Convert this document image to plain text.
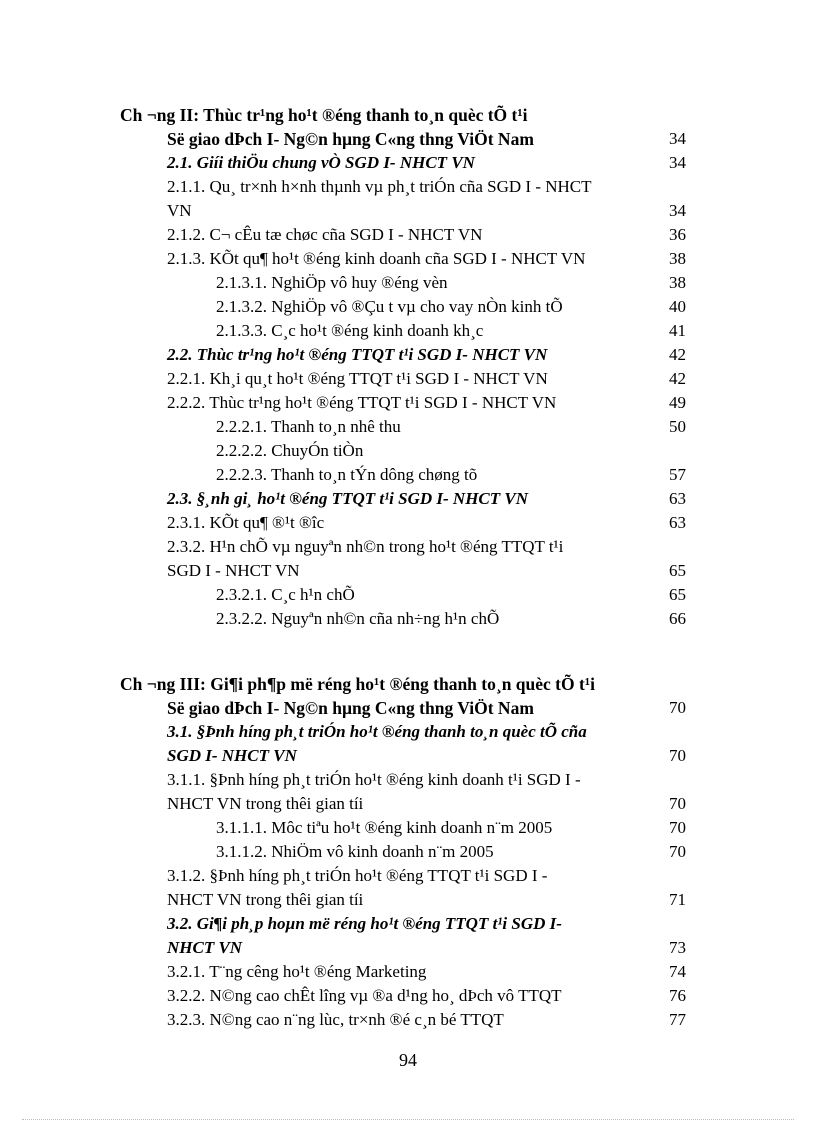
Ch ¬ng II: Thùc tr¹ng ho¹t ®éng thanh to¸n quèc tÕ t¹i
Së giao dÞch I- Ng©n hµng C«ng thng ViÖt Nam	34
2.1. Giíi thiÖu chung vÒ SGD I- NHCT VN	34
2.1.1. Qu¸ tr×nh h×nh thµnh vµ ph¸t triÓn cña SGD I - NHCT
VN	34
2.1.2. C¬ cÊu tæ chøc cña SGD I - NHCT VN	36
2.1.3. KÕt qu¶ ho¹t ®éng kinh doanh cña SGD I - NHCT VN	38
2.1.3.1. NghiÖp vô huy ®éng vèn	38
2.1.3.2. NghiÖp vô ®Çu t vµ cho vay nÒn kinh tÕ	40
2.1.3.3. C¸c ho¹t ®éng kinh doanh kh¸c	41
2.2. Thùc tr¹ng ho¹t ®éng TTQT t¹i SGD I- NHCT VN	42
2.2.1. Kh¸i qu¸t ho¹t ®éng TTQT t¹i SGD I - NHCT VN	42
2.2.2. Thùc tr¹ng ho¹t ®éng TTQT t¹i SGD I - NHCT VN	49
2.2.2.1. Thanh to¸n nhê thu	50
2.2.2.2. ChuyÓn tiÒn
2.2.2.3. Thanh to¸n tÝn dông chøng tõ	57
2.3. §¸nh gi¸ ho¹t ®éng TTQT t¹i SGD I- NHCT VN	63
2.3.1. KÕt qu¶ ®¹t ®îc	63
2.3.2. H¹n chÕ vµ nguyªn nh©n trong ho¹t ®éng TTQT t¹i
SGD I - NHCT VN	65
2.3.2.1. C¸c h¹n chÕ	65
2.3.2.2. Nguyªn nh©n cña nh÷ng h¹n chÕ	66
Ch ¬ng III: Gi¶i ph¶p më réng ho¹t ®éng thanh to¸n quèc tÕ t¹i
Së giao dÞch I- Ng©n hµng C«ng thng ViÖt Nam	70
3.1. §Þnh híng ph¸t triÓn ho¹t ®éng thanh to¸n quèc tÕ cña
SGD I- NHCT VN	70
3.1.1. §Þnh híng ph¸t triÓn ho¹t ®éng kinh doanh t¹i SGD I -
NHCT VN trong thêi gian tíi	70
3.1.1.1. Môc tiªu ho¹t ®éng kinh doanh n¨m 2005	70
3.1.1.2. NhiÖm vô kinh doanh n¨m 2005	70
3.1.2. §Þnh híng ph¸t triÓn ho¹t ®éng TTQT t¹i SGD I -
NHCT VN trong thêi gian tíi	71
3.2. Gi¶i ph¸p hoµn më réng ho¹t ®éng TTQT t¹i SGD I-
NHCT VN	73
3.2.1. T¨ng cêng ho¹t ®éng Marketing	74
3.2.2. N©ng cao chÊt lîng vµ ®a d¹ng ho¸ dÞch vô TTQT	76
3.2.3. N©ng cao n¨ng lùc, tr×nh ®é c¸n bé TTQT	77
94
